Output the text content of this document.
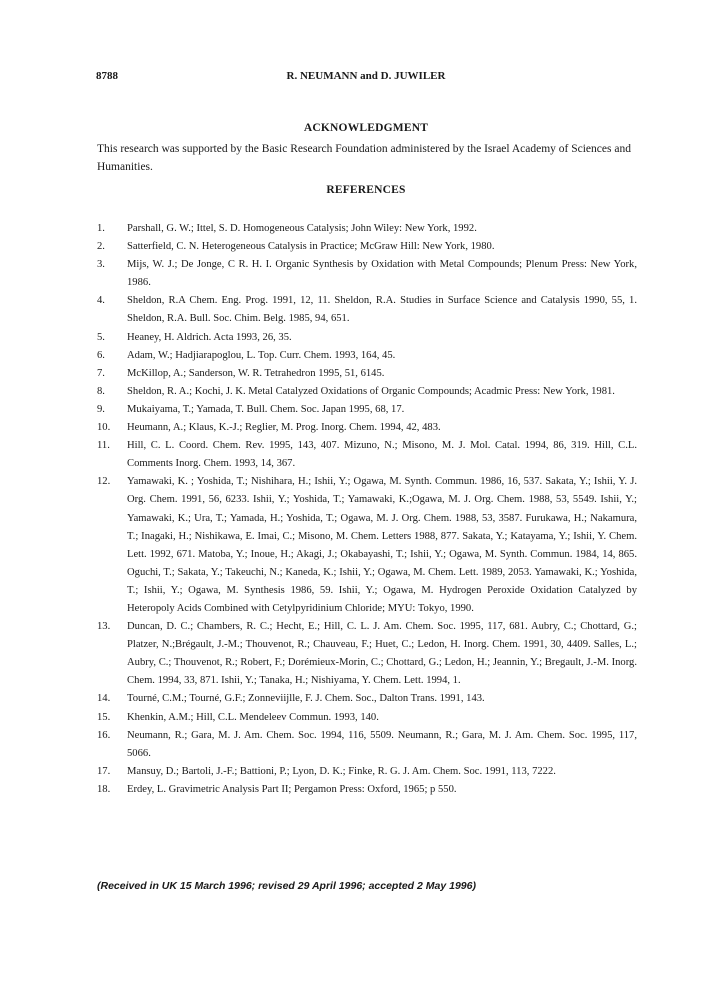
8788	R. NEUMANN and D. JUWILER
ACKNOWLEDGMENT
This research was supported by the Basic Research Foundation administered by the Israel Academy of Sciences and Humanities.
REFERENCES
1.	Parshall, G. W.; Ittel, S. D. Homogeneous Catalysis; John Wiley: New York, 1992.
2.	Satterfield, C. N. Heterogeneous Catalysis in Practice; McGraw Hill: New York, 1980.
3.	Mijs, W. J.; De Jonge, C R. H. I. Organic Synthesis by Oxidation with Metal Compounds; Plenum Press: New York, 1986.
4.	Sheldon, R.A Chem. Eng. Prog. 1991, 12, 11. Sheldon, R.A. Studies in Surface Science and Catalysis 1990, 55, 1. Sheldon, R.A. Bull. Soc. Chim. Belg. 1985, 94, 651.
5.	Heaney, H. Aldrich. Acta 1993, 26, 35.
6.	Adam, W.; Hadjiarapoglou, L. Top. Curr. Chem. 1993, 164, 45.
7.	McKillop, A.; Sanderson, W. R. Tetrahedron 1995, 51, 6145.
8.	Sheldon, R. A.; Kochi, J. K. Metal Catalyzed Oxidations of Organic Compounds; Acadmic Press: New York, 1981.
9.	Mukaiyama, T.; Yamada, T. Bull. Chem. Soc. Japan 1995, 68, 17.
10.	Heumann, A.; Klaus, K.-J.; Reglier, M. Prog. Inorg. Chem. 1994, 42, 483.
11.	Hill, C. L. Coord. Chem. Rev. 1995, 143, 407. Mizuno, N.; Misono, M. J. Mol. Catal. 1994, 86, 319. Hill, C.L. Comments Inorg. Chem. 1993, 14, 367.
12.	Yamawaki, K. ; Yoshida, T.; Nishihara, H.; Ishii, Y.; Ogawa, M. Synth. Commun. 1986, 16, 537. Sakata, Y.; Ishii, Y. J. Org. Chem. 1991, 56, 6233. Ishii, Y.; Yoshida, T.; Yamawaki, K.;Ogawa, M. J. Org. Chem. 1988, 53, 5549. Ishii, Y.; Yamawaki, K.; Ura, T.; Yamada, H.; Yoshida, T.; Ogawa, M. J. Org. Chem. 1988, 53, 3587. Furukawa, H.; Nakamura, T.; Inagaki, H.; Nishikawa, E. Imai, C.; Misono, M. Chem. Letters 1988, 877. Sakata, Y.; Katayama, Y.; Ishii, Y. Chem. Lett. 1992, 671. Matoba, Y.; Inoue, H.; Akagi, J.; Okabayashi, T.; Ishii, Y.; Ogawa, M. Synth. Commun. 1984, 14, 865. Oguchi, T.; Sakata, Y.; Takeuchi, N.; Kaneda, K.; Ishii, Y.; Ogawa, M. Chem. Lett. 1989, 2053. Yamawaki, K.; Yoshida, T.; Ishii, Y.; Ogawa, M. Synthesis 1986, 59. Ishii, Y.; Ogawa, M. Hydrogen Peroxide Oxidation Catalyzed by Heteropoly Acids Combined with Cetylpyridinium Chloride; MYU: Tokyo, 1990.
13.	Duncan, D. C.; Chambers, R. C.; Hecht, E.; Hill, C. L. J. Am. Chem. Soc. 1995, 117, 681. Aubry, C.; Chottard, G.; Platzer, N.;Brégault, J.-M.; Thouvenot, R.; Chauveau, F.; Huet, C.; Ledon, H. Inorg. Chem. 1991, 30, 4409. Salles, L.; Aubry, C.; Thouvenot, R.; Robert, F.; Dorémieux-Morin, C.; Chottard, G.; Ledon, H.; Jeannin, Y.; Bregault, J.-M. Inorg. Chem. 1994, 33, 871. Ishii, Y.; Tanaka, H.; Nishiyama, Y. Chem. Lett. 1994, 1.
14.	Tourné, C.M.; Tourné, G.F.; Zonneviijlle, F. J. Chem. Soc., Dalton Trans. 1991, 143.
15.	Khenkin, A.M.; Hill, C.L. Mendeleev Commun. 1993, 140.
16.	Neumann, R.; Gara, M. J. Am. Chem. Soc. 1994, 116, 5509. Neumann, R.; Gara, M. J. Am. Chem. Soc. 1995, 117, 5066.
17.	Mansuy, D.; Bartoli, J.-F.; Battioni, P.; Lyon, D. K.; Finke, R. G. J. Am. Chem. Soc. 1991, 113, 7222.
18.	Erdey, L. Gravimetric Analysis Part II; Pergamon Press: Oxford, 1965; p 550.
(Received in UK 15 March 1996; revised 29 April 1996; accepted 2 May 1996)
